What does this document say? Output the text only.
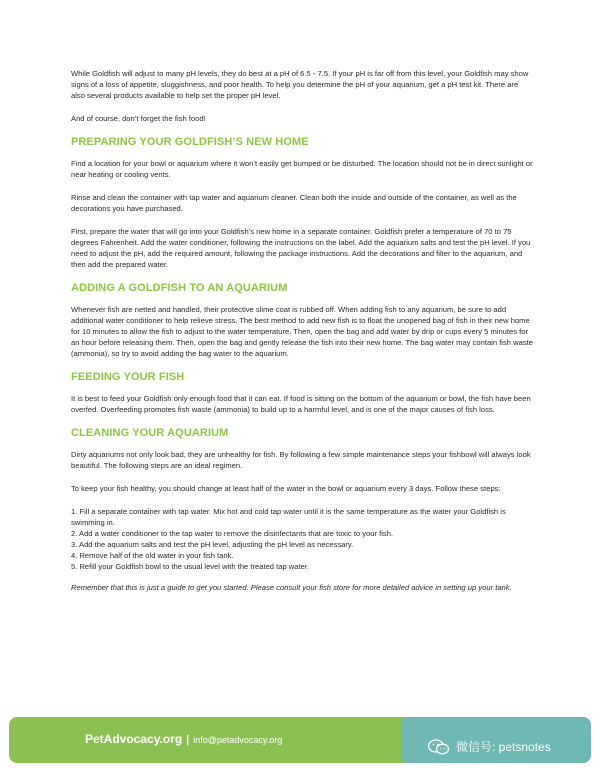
While Goldfish will adjust to many pH levels, they do best at a pH of 6.5 - 7.5. If your pH is far off from this level, your Goldfish may show signs of a loss of appetite, sluggishness, and poor health. To help you determine the pH of your aquarium, get a pH test kit. There are also several products available to help set the proper pH level.

And of course, don’t forget the fish food!

PREPARING YOUR GOLDFISH’S NEW HOME

Find a location for your bowl or aquarium where it won’t easily get bumped or be disturbed. The location should not be in direct sunlight or near heating or cooling vents.

Rinse and clean the container with tap water and aquarium cleaner. Clean both the inside and outside of the container, as well as the decorations you have purchased.

First, prepare the water that will go into your Goldfish’s new home in a separate container. Goldfish prefer a temperature of 70 to 75 degrees Fahrenheit. Add the water conditioner, following the instructions on the label. Add the aquarium salts and test the pH level. If you need to adjust the pH, add the required amount, following the package instructions. Add the decorations and filter to the aquarium, and then add the prepared water.

ADDING A GOLDFISH TO AN AQUARIUM

Whenever fish are netted and handled, their protective slime coat is rubbed off. When adding fish to any aquarium, be sure to add additional water conditioner to help relieve stress. The best method to add new fish is to float the unopened bag of fish in their new home for 10 minutes to allow the fish to adjust to the water temperature. Then, open the bag and add water by drip or cups every 5 minutes for an hour before releasing them. Then, open the bag and gently release the fish into their new home. The bag water may contain fish waste (ammonia), so try to avoid adding the bag water to the aquarium.

FEEDING YOUR FISH

It is best to feed your Goldfish only enough food that it can eat. If food is sitting on the bottom of the aquarium or bowl, the fish have been overfed. Overfeeding promotes fish waste (ammonia) to build up to a harmful level, and is one of the major causes of fish loss.

CLEANING YOUR AQUARIUM

Dirty aquariums not only look bad, they are unhealthy for fish. By following a few simple maintenance steps your fishbowl will always look beautiful. The following steps are an ideal regimen.

To keep your fish healthy, you should change at least half of the water in the bowl or aquarium every 3 days. Follow these steps:

1. Fill a separate container with tap water. Mix hot and cold tap water until it is the same temperature as the water your Goldfish is swimming in.

2. Add a water conditioner to the tap water to remove the disinfectants that are toxic to your fish.

3. Add the aquarium salts and test the pH level, adjusting the pH level as necessary.

4. Remove half of the old water in your fish tank.

5. Refill your Goldfish bowl to the usual level with the treated tap water.

Remember that this is just a guide to get you started. Please consult your fish store for more detailed advice in setting up your tank.

PetAdvocacy.org | info@petadvocacy.org	微信号: petsnotes
